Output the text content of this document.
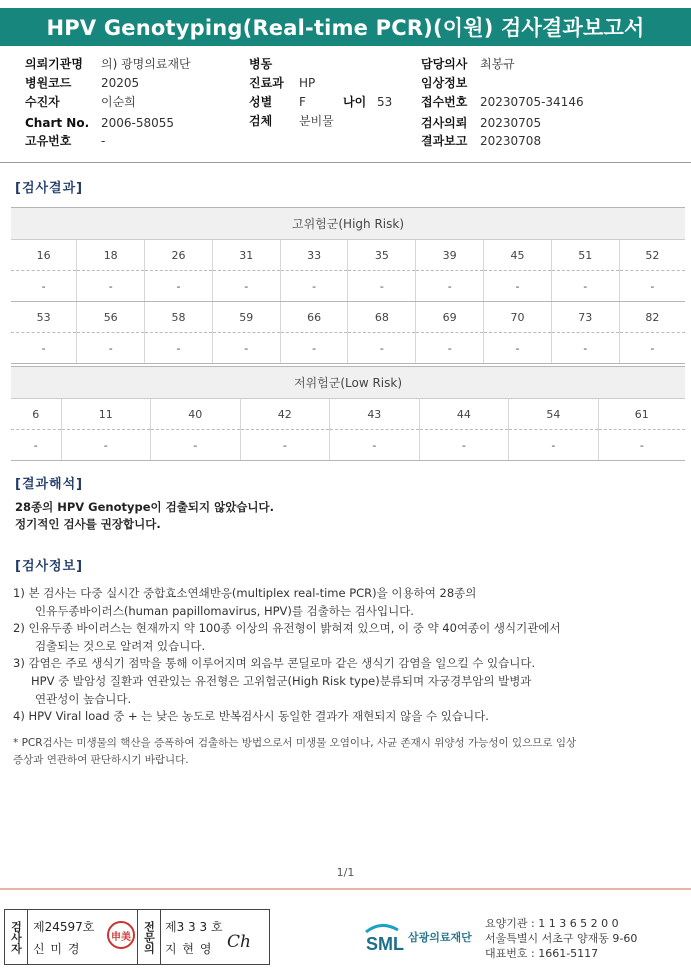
HPV Genotyping(Real-time PCR)(이원) 검사결과보고서
의뢰기관명 의) 광명의료재단
병원코드 20205
수진자	이순희
Chart No. 2006-58055
고유번호 -
병동
진료과 HP
성별 F	나이 53
검체 분비물
담당의사 최봉규
임상정보
접수번호 20230705-34146
검사의뢰 20230705
결과보고 20230708
[검사결과]
고위험군(High Risk)									
16	18	26	31	33	35	39	45	51	52
-	-	-	-	-	-	-	-	-	-
53	56	58	59	66	68	69	70	73	82
-	-	-	-	-	-	-	-	-	-
저위험군(Low Risk)							
6	11	40	42	43	44	54	61
-	-	-	-	-	-	-	-
[결과해석]
28종의 HPV Genotype이 검출되지 않았습니다.
정기적인 검사를 권장합니다.
[검사정보]
1) 본 검사는 다중 실시간 중합효소연쇄반응(multiplex real-time PCR)을 이용하여 28종의
인유두종바이러스(human papillomavirus, HPV)를 검출하는 검사입니다.
2) 인유두종 바이러스는 현재까지 약 100종 이상의 유전형이 밝혀져 있으며, 이 중 약 40여종이 생식기관에서
검출되는 것으로 알려져 있습니다.
3) 감염은 주로 생식기 점막을 통해 이루어지며 외음부 콘딜로마 같은 생식기 감염을 일으킬 수 있습니다.
HPV 중 발암성 질환과 연관있는 유전형은 고위험군(High Risk type)분류되며 자궁경부암의 발병과
연관성이 높습니다.
4) HPV Viral load 중 + 는 낮은 농도로 반복검사시 동일한 결과가 재현되지 않을 수 있습니다.
* PCR검사는 미생물의 핵산을 증폭하여 검출하는 방법으로서 미생물 오염이나, 사균 존재시 위양성 가능성이 있으므로 임상
증상과 연관하여 판단하시기 바랍니다.
1/1
검사자 제24597호
신 미 경
申美	전문의 제3 3 3 호
지 현 영 Ch	SML 삼광의료재단
요양기관 : 1 1 3 6 5 2 0 0
서울특별시 서초구 양재동 9-60
대표번호 : 1661-5117
